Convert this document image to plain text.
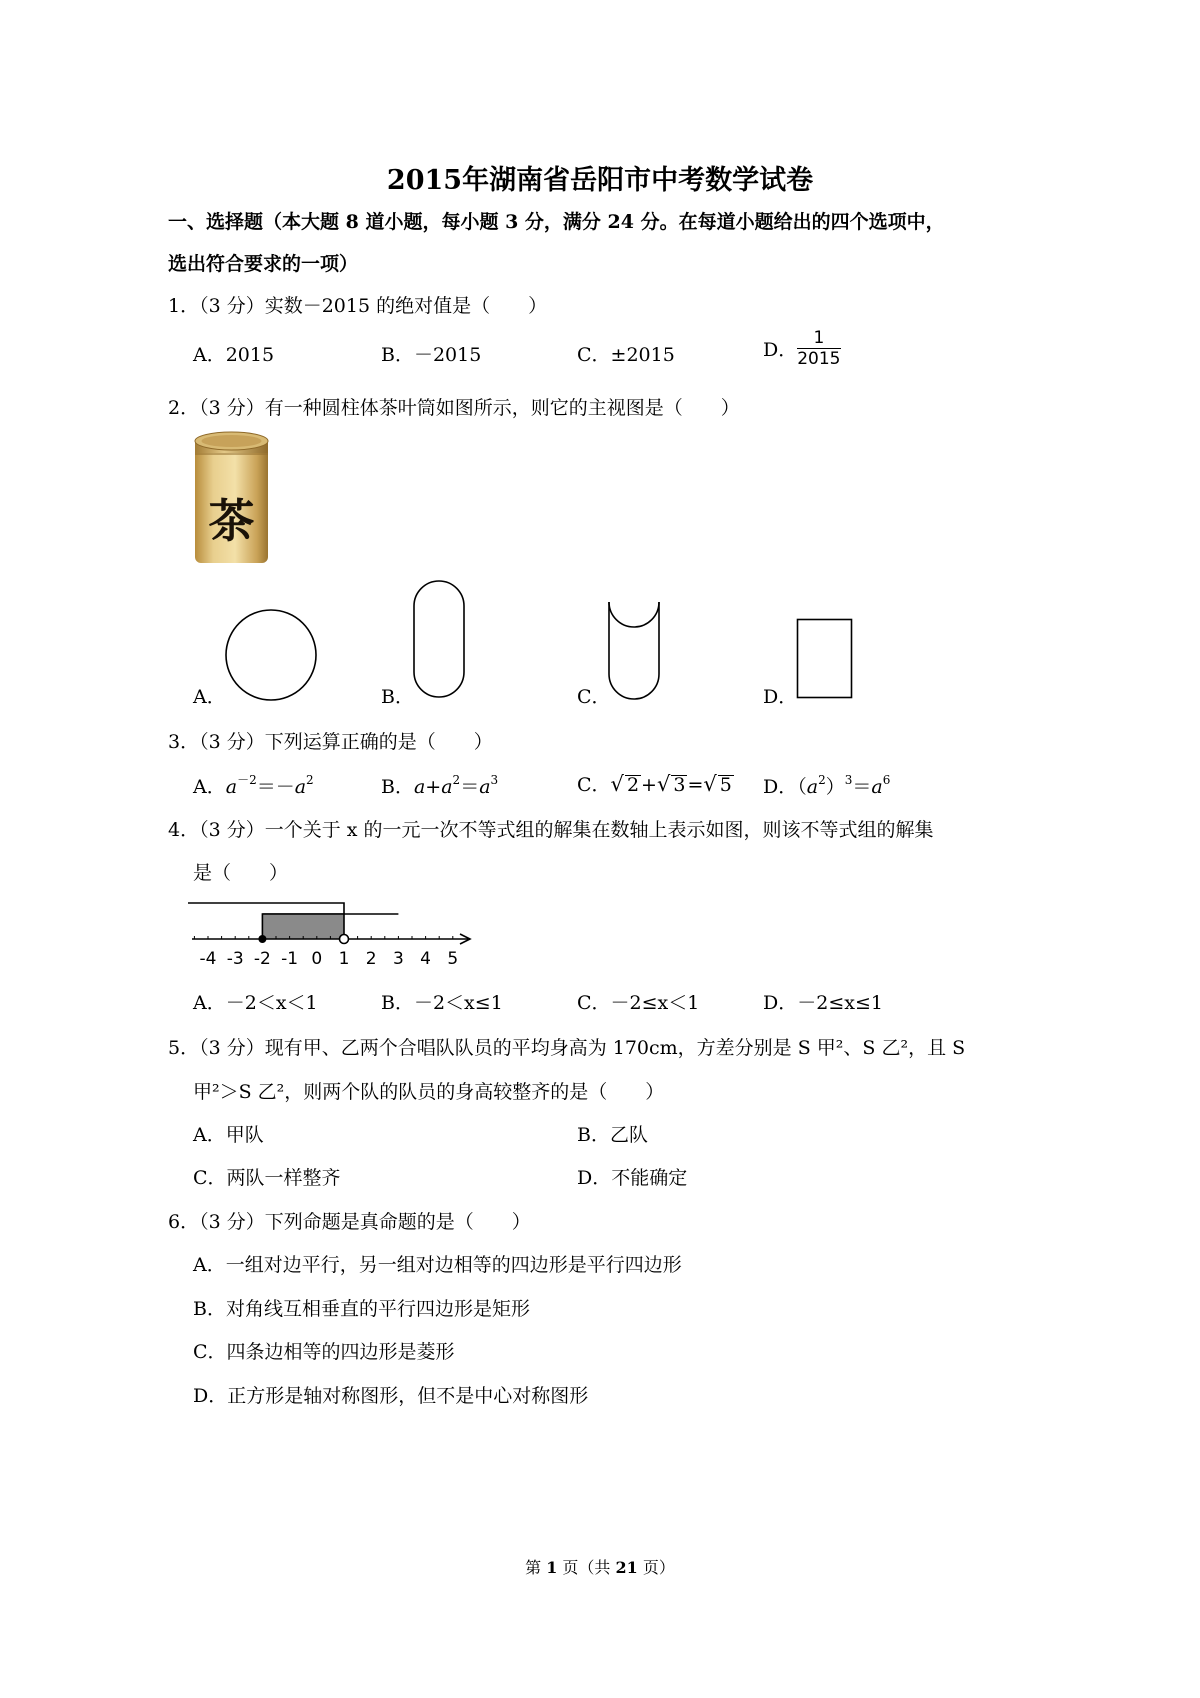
2015年湖南省岳阳市中考数学试卷
一、选择题（本大题 8 道小题，每小题 3 分，满分 24 分。在每道小题给出的四个选项中，
选出符合要求的一项）
1．（3 分）实数－2015 的绝对值是（　　）
A．2015	B．－2015	C．±2015	D． $\frac{1}{2015}$
2．（3 分）有一种圆柱体茶叶筒如图所示，则它的主视图是（　　）
茶
A．	B．	C．	D．
3．（3 分）下列运算正确的是（　　）
A．$a^{-2}=-a^2$	B．$a+a^2=a^3$	C．√ 2 +√ 3 =√ 5 D．$(a^2)^3=a^6$
4．（3 分）一个关于 x 的一元一次不等式组的解集在数轴上表示如图，则该不等式组的解集
是（　　）
-4 -3 -2 -1 0 1 2 3 4 5
A．－2＜x＜1	B．－2＜x≤1	C．－2≤x＜1	D．－2≤x≤1
5．（3 分）现有甲、乙两个合唱队队员的平均身高为 170cm，方差分别是 S 甲²、S 乙²，且 S
甲²＞S 乙²，则两个队的队员的身高较整齐的是（　　）
A．甲队	B．乙队
C．两队一样整齐	D．不能确定
6．（3 分）下列命题是真命题的是（　　）
A．一组对边平行，另一组对边相等的四边形是平行四边形
B．对角线互相垂直的平行四边形是矩形
C．四条边相等的四边形是菱形
D．正方形是轴对称图形，但不是中心对称图形
第 1 页（共 21 页）
